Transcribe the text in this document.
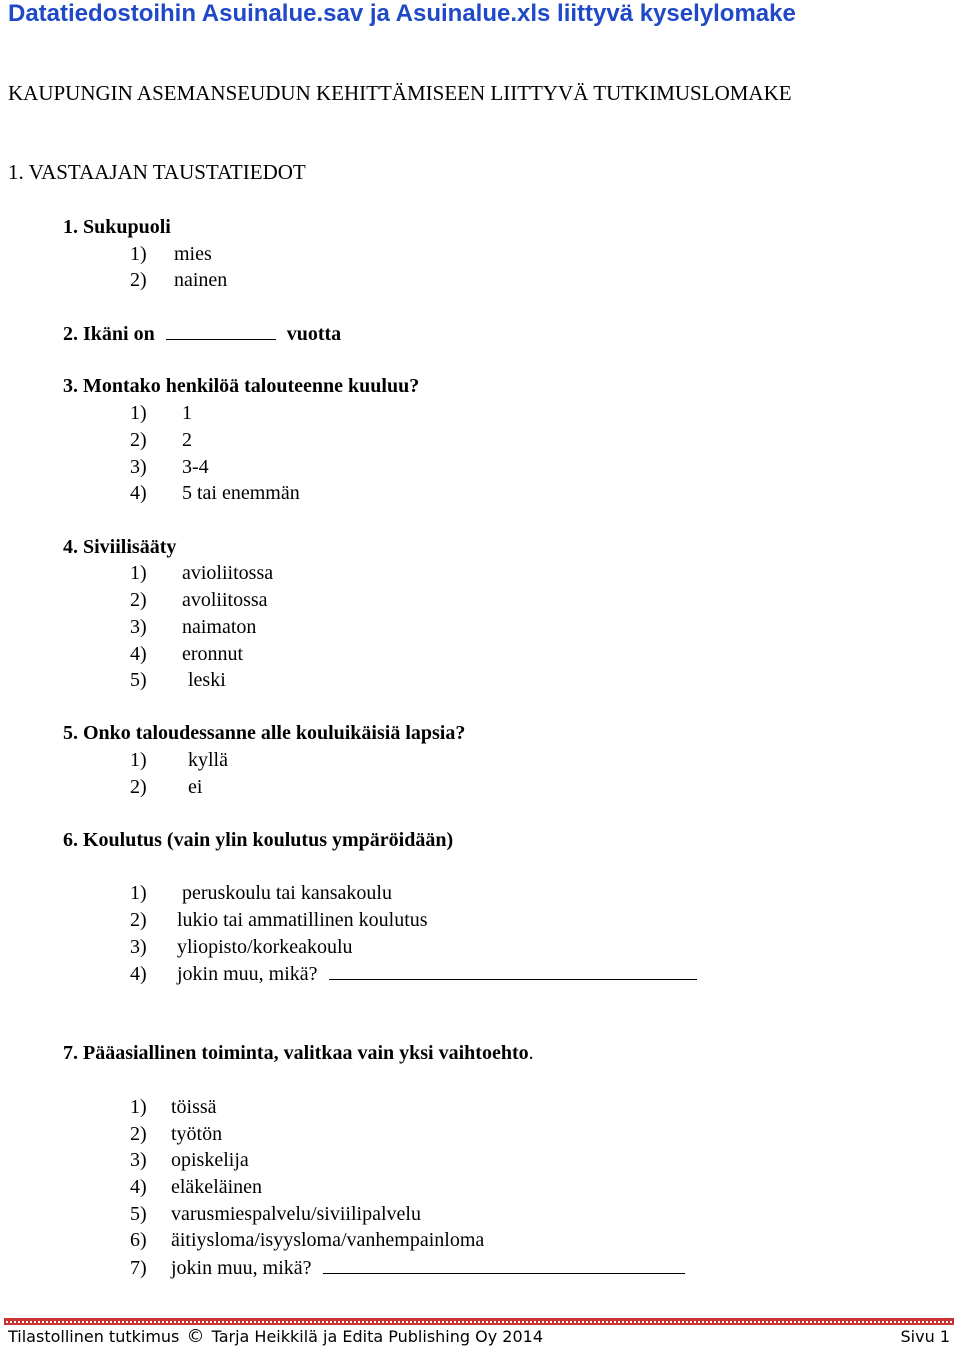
Datatiedostoihin Asuinalue.sav ja Asuinalue.xls liittyvä kyselylomake
KAUPUNGIN ASEMANSEUDUN KEHITTÄMISEEN LIITTYVÄ TUTKIMUSLOMAKE
1. VASTAAJAN TAUSTATIEDOT
1. Sukupuoli
1) mies
2) nainen
2. Ikäni on	vuotta
3. Montako henkilöä talouteenne kuuluu?
1) 1
2) 2
3) 3-4
4) 5 tai enemmän
4. Siviilisääty
1) avioliitossa
2) avoliitossa
3) naimaton
4) eronnut
5) leski
5. Onko taloudessanne alle kouluikäisiä lapsia?
1) kyllä
2) ei
6. Koulutus (vain ylin koulutus ympäröidään)
1) peruskoulu tai kansakoulu
2) lukio tai ammatillinen koulutus
3) yliopisto/korkeakoulu
4) jokin muu, mikä?
7. Pääasiallinen toiminta, valitkaa vain yksi vaihtoehto.
1) töissä
2) työtön
3) opiskelija
4) eläkeläinen
5) varusmiespalvelu/siviilipalvelu
6) äitiysloma/isyysloma/vanhempainloma
7) jokin muu, mikä?
Tilastollinen tutkimus © Tarja Heikkilä ja Edita Publishing Oy 2014	Sivu 1
